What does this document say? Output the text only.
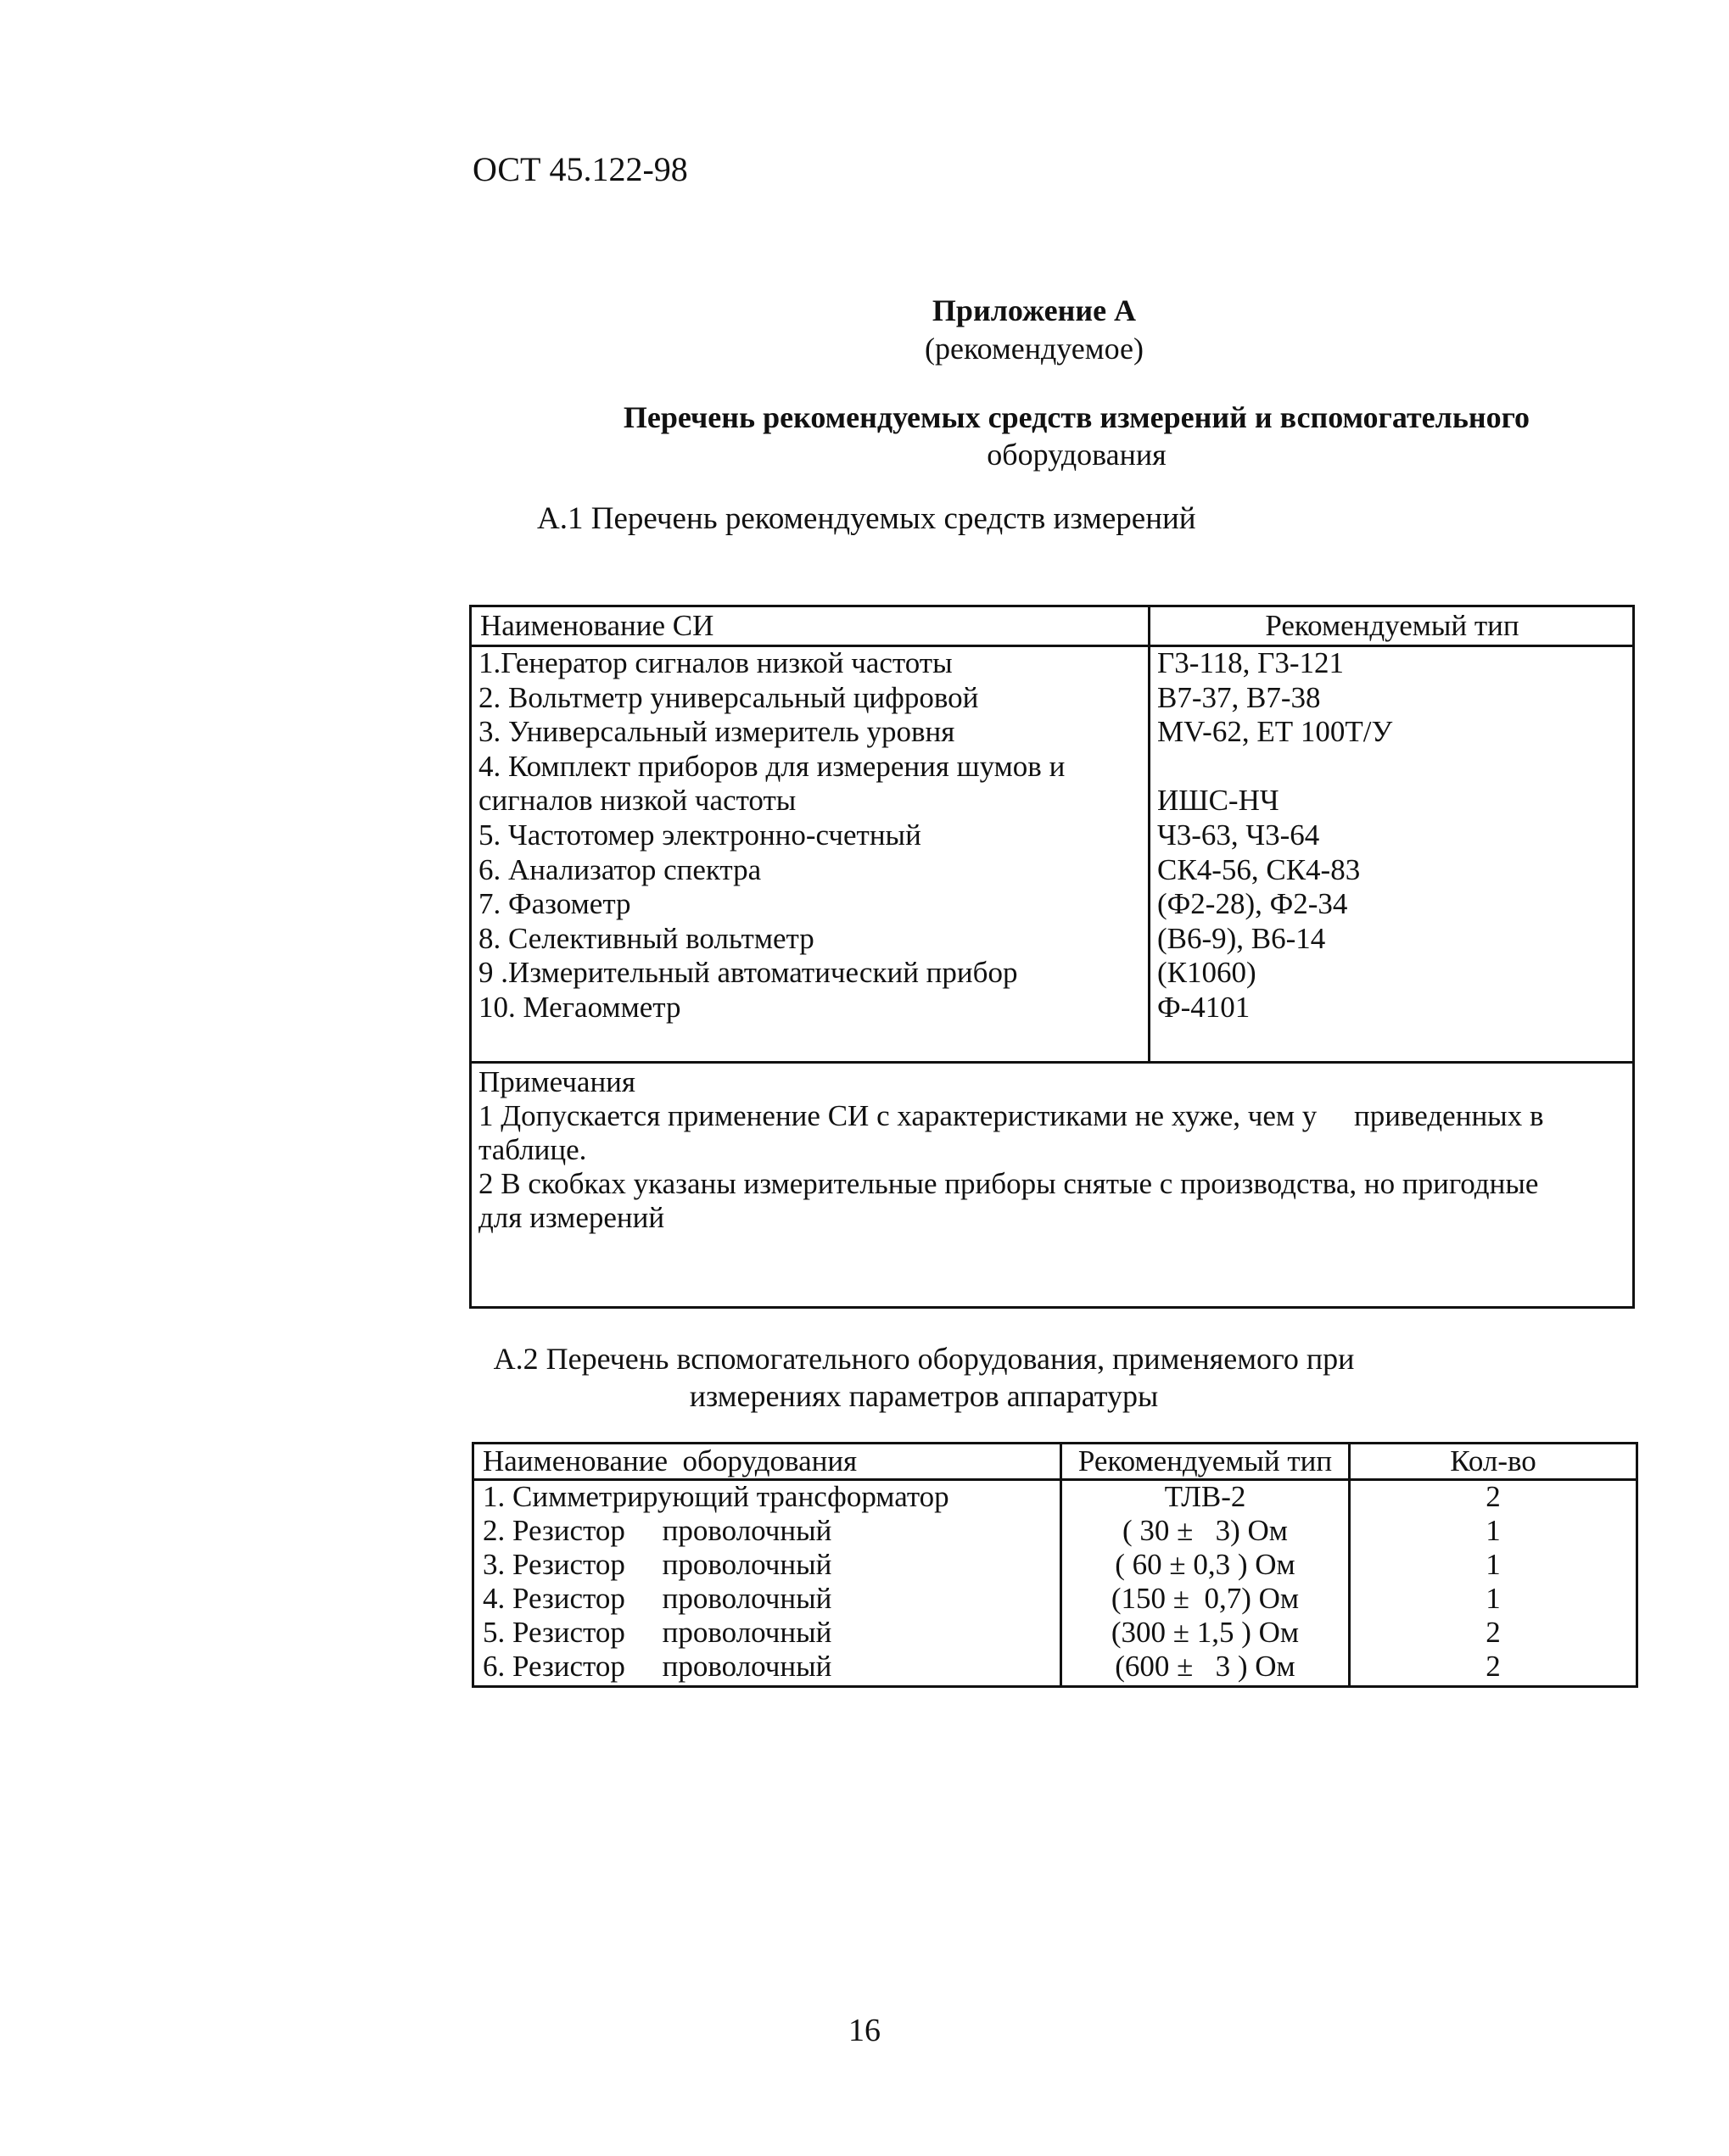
ОСТ 45.122-98
Приложение А
(рекомендуемое)
Перечень рекомендуемых средств измерений и вспомогательного
оборудования
А.1 Перечень рекомендуемых средств измерений
Наименование СИ	Рекомендуемый тип
1.Генератор сигналов низкой частоты	Г3-118, Г3-121
2. Вольтметр универсальный цифровой	В7-37, В7-38
3. Универсальный измеритель уровня	MV-62, ЕТ 100Т/У
4. Комплект приборов для измерения шумов и
сигналов низкой частоты	ИШС-НЧ
5. Частотомер электронно-счетный	Ч3-63, Ч3-64
6. Анализатор спектра	СК4-56, СК4-83
7. Фазометр	(Ф2-28), Ф2-34
8. Селективный вольтметр	(В6-9), В6-14
9 .Измерительный автоматический прибор	(К1060)
10. Мегаомметр	Ф-4101

Примечания

1 Допускается применение СИ с характеристиками не хуже, чем у     приведенных в

таблице.

2 В скобках указаны измерительные приборы снятые с производства, но пригодные

для измерений

А.2 Перечень вспомогательного оборудования, применяемого при
измерениях параметров аппаратуры
Наименование  оборудования	Рекомендуемый тип	Кол-во
1. Симметрирующий трансформатор	ТЛВ-2	2
2. Резистор     проволочный	( 30 ±   3) Ом	1
3. Резистор     проволочный	( 60 ± 0,3 ) Ом	1
4. Резистор     проволочный	(150 ±  0,7) Ом	1
5. Резистор     проволочный	(300 ± 1,5 ) Ом	2
6. Резистор     проволочный	(600 ±   3 ) Ом	2
16
